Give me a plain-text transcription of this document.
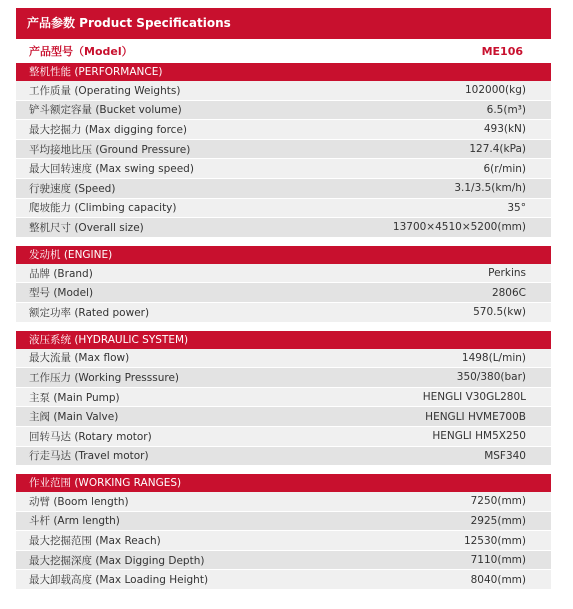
产品参数 Product Specifications
产品型号（Model）	ME106
整机性能 (PERFORMANCE)
工作质量 (Operating Weights)	102000(kg)
铲斗额定容量 (Bucket volume)	6.5(m³)
最大挖掘力 (Max digging force)	493(kN)
平均接地比压 (Ground Pressure)	127.4(kPa)
最大回转速度 (Max swing speed)	6(r/min)
行驶速度 (Speed)	3.1/3.5(km/h)
爬坡能力 (Climbing capacity)	35°
整机尺寸 (Overall size)	13700×4510×5200(mm)
发动机 (ENGINE)
品牌 (Brand)	Perkins
型号 (Model)	2806C
额定功率 (Rated power)	570.5(kw)
液压系统 (HYDRAULIC SYSTEM)
最大流量 (Max flow)	1498(L/min)
工作压力 (Working Presssure)	350/380(bar)
主泵 (Main Pump)	HENGLI V30GL280L
主阀 (Main Valve)	HENGLI HVME700B
回转马达 (Rotary motor)	HENGLI HM5X250
行走马达 (Travel motor)	MSF340
作业范围 (WORKING RANGES)
动臂 (Boom length)	7250(mm)
斗杆 (Arm length)	2925(mm)
最大挖掘范围 (Max Reach)	12530(mm)
最大挖掘深度 (Max Digging Depth)	7110(mm)
最大卸载高度 (Max Loading Height)	8040(mm)
